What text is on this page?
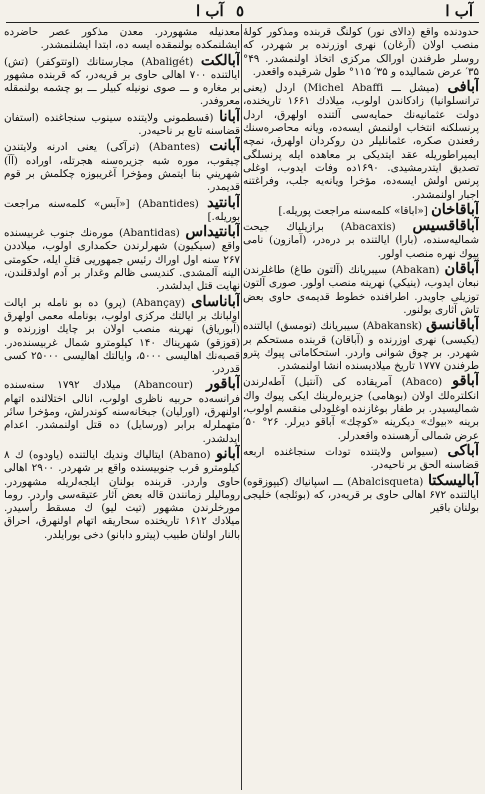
آب ا ٥	آب ا

حدودنده واقع (دالای نور) کولنگ قربنده ومذکور کولۀ منصب اولان (آرغان) نهری اوزرنده بر شهردر، که روسلر طرفندن اورالک مرکزی اتخاذ اولنمشدر. ۴۹° ۳۵′ عرض شمالیده و ۳۵′ ۱۱۵° طول شرقیده واقعدر.

آبافی (ميشل ـــ Michel Abaffi) اردل (يعنی ترانسلوانيا) زادكاندن اولوب، ميلادك ۱۶۶۱ تاريخنده، دولت عثمانيه‌نك حمايه‌سی آلتنده اولهرق، اردل پرنسلكنه انتخاب اولنمش ايسه‌ده، ويانه محاصره‌سنك رفعندن صكره، عثمانليلر دن روكردان اولهرق، نمچه ايمپراطوريله عقد ايتديكی بر معاهده ايله پرنسلگی تصديق ايتدرمشيدی. ۱۶۹۰ده وفات ايدوب، اوغلی پرنس اولش ايسه‌ده، مؤخرا ويانه‌يه جلب، وفراغتنه اجبار اولنمشدر.

آباقاخان [«اباقا» كلمه‌سنه مراجعت پوريله.]

آباقاقسيس (Abacaxis) برازيلياك جيحت شماليه‌سنده، (بارا) ايالتنده بر دره‌در، (آمازون) نامی پيوك نهره منصب اولور.

آباقان (Abakan) سيبريانك (آلتون طاغ) طاغلرندن نبعان ايدوب، (ينيكي) نهرينه منصب اولور. صوری آلتون توزيلی جاويدر. اطرافنده خطوط قديمه‌ی حاوی بعض تاش آثاری بولنور.

آباقانسق (Abakansk) سيبريانك (تومسق) ايالتنده (يكيسی) نهری اوزرنده و (آباقان) قربنده مستحكم بر شهردر. بر چوق شوانی واردر. استحكاماتی پيوك پترو طرفندن ۱۷۷۷ تاريخ ميلاديسنده انشا اولنمشدر.

آباقو (Abaco) آمريقاده كی (آنتيل) آطه‌لرندن انكلتره‌لك اولان (بوهامی) جزيره‌لرينك ايكی پيوك واك شماليسيدر. بر طفار بوغازنده اوغلودلی منقسم اولوب، برينه «بيوك» ديكرينه «كوچك» آباقو ديرلر. ۲۶° ۵۰′ عرض شمالی آرهسنده واقعدرلر.

آباكی (سيواس ولايتنده تودات سنجاغنده اربعه قضاسنه الحق بر ناحيه‌در.

آباليسكتا (Abalcisqueta) ـــ اسپانياك (كيپوزقوه) ايالتنده ۶۷۲ اهالی حاوی بر قريه‌در، كه (بوئلجه) خليجی بولنان باقير

معدنيله مشهوردر. معدن مذكور عصر حاضرده ايشلنمكده بولنمقده ايسه ده، ابتدا ايشلنمشدر.

آبالكت (Abaligét) مجارستانك (اوتتوكفر) (تش) ايالتنده ۷۰۰ اهالی حاوی بر قريه‌در، كه قربنده مشهور بر مغاره و ـــ صوی نونيله كبيلر ـــ بو چشمه بولنمقله معروفدر.

آبانا (قسطمونی ولايتنده سينوب سنجاغنده (استفان قضاسنه تابع بر ناحيه‌در.

آبانت (Abantes) (ترآكی) يعنی ادرنه ولايتندن چيقوب، موره شبه جزيره‌سنه هجرتله، اوراده (آآ) شهريني بنا ايتمش ومؤخرا آغريبوزه چكلمش بر قوم قديمدر.

آبانتيد (Abantides) [«آبس» كلمه‌سنه مراجعت بوريله.]

آبانتيداس (Abantidas) موره‌نك جنوب غربيسنده واقع (سيكيون) شهرلرندن حكمداری اولوب، ميلاددن ۲۶۷ سنه اول اوراك رئيس جمهوريی قتل ايله، حكومتی الينه آلمشدی. كنديسی ظالم وغدار بر آدم اولدقلندن، نهايت قتل ايدلشدر.

آباناسای (Abançay) (پرو) ده بو نامله بر ايالت اولبانك بر ايالتك مركزی اولوب، بونامله معمی اولهرق (آبوریاق) نهرينه منصب اولان بر چايك اوزرنده و (قوزقو) شهريناك ۱۴۰ كيلومترو شمال غربيسنده‌در. قصبه‌نك اهاليسی ۵۰۰۰، وايالتك اهاليسی ۲۵۰۰۰ كسی قدردر.

آباقور (Abancour) ميلادك ۱۷۹۲ سنه‌سنده فرانسه‌ده حربيه ناظری اولوب، انالی اختلالنده اتهام اولنهرق، (اورليان) جبخانه‌سنه كوندرلش، ومؤخرا سائر متهملرله برابر (ورسايل) ده قتل اولنمشدر. اعدام ايدلشدر.

آبانو (Abano) ايتالياك ونديك ايالتنده (ياودوه) ك ۸ كيلومترو قرب جنوبيسنده واقع بر شهردر. ۲۹۰۰ اهالی حاوی واردر. قربنده بولنان ايلجه‌لريله مشهوردر. روماليلر زمانندن قاله بعض آثار عتيقه‌سی واردر. روما مورخلرندن مشهور (تيت ليو) ك مسقط رأسيدر. ميلادك ۱۶۱۲ تاريخنده سحاريقه اتهام اولنهرق، احراق بالنار اولنان طبيب (پيترو دابانو) دخی بورايلدر.
